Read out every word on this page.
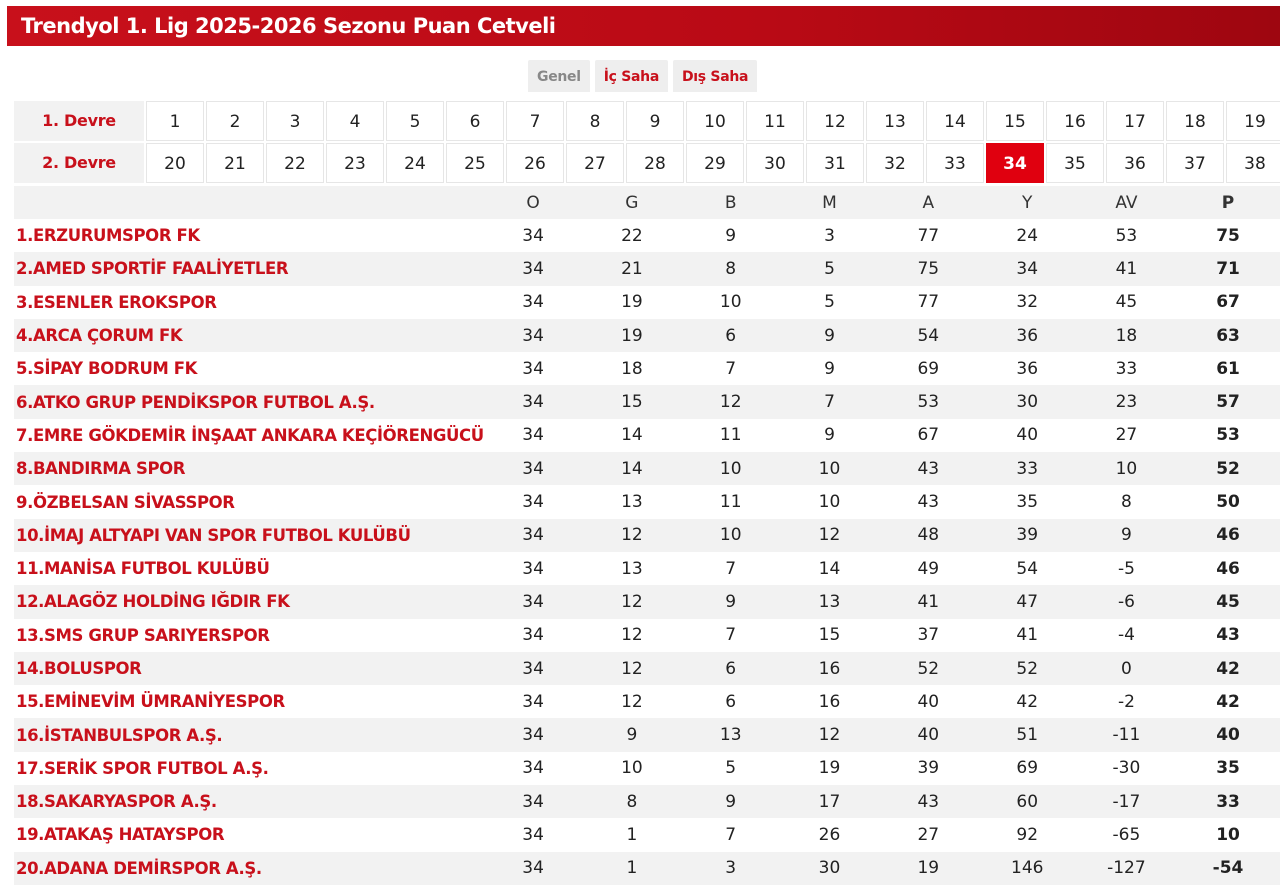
Trendyol 1. Lig 2025-2026 Sezonu Puan Cetveli
Genel	İç Saha	Dış Saha
1. Devre	1	2	3	4	5	6	7	8	9	10	11	12	13	14	15	16	17	18	19
2. Devre	20	21	22	23	24	25	26	27	28	29	30	31	32	33	34	35	36	37	38
	O	G	B	M	A	Y	AV	P
1.ERZURUMSPOR FK	34	22	9	3	77	24	53	75
2.AMED SPORTİF FAALİYETLER	34	21	8	5	75	34	41	71
3.ESENLER EROKSPOR	34	19	10	5	77	32	45	67
4.ARCA ÇORUM FK	34	19	6	9	54	36	18	63
5.SİPAY BODRUM FK	34	18	7	9	69	36	33	61
6.ATKO GRUP PENDİKSPOR FUTBOL A.Ş.	34	15	12	7	53	30	23	57
7.EMRE GÖKDEMİR İNŞAAT ANKARA KEÇİÖRENGÜCÜ	34	14	11	9	67	40	27	53
8.BANDIRMA SPOR	34	14	10	10	43	33	10	52
9.ÖZBELSAN SİVASSPOR	34	13	11	10	43	35	8	50
10.İMAJ ALTYAPI VAN SPOR FUTBOL KULÜBÜ	34	12	10	12	48	39	9	46
11.MANİSA FUTBOL KULÜBÜ	34	13	7	14	49	54	-5	46
12.ALAGÖZ HOLDİNG IĞDIR FK	34	12	9	13	41	47	-6	45
13.SMS GRUP SARIYERSPOR	34	12	7	15	37	41	-4	43
14.BOLUSPOR	34	12	6	16	52	52	0	42
15.EMİNEVİM ÜMRANİYESPOR	34	12	6	16	40	42	-2	42
16.İSTANBULSPOR A.Ş.	34	9	13	12	40	51	-11	40
17.SERİK SPOR FUTBOL A.Ş.	34	10	5	19	39	69	-30	35
18.SAKARYASPOR A.Ş.	34	8	9	17	43	60	-17	33
19.ATAKAŞ HATAYSPOR	34	1	7	26	27	92	-65	10
20.ADANA DEMİRSPOR A.Ş.	34	1	3	30	19	146	-127	-54
